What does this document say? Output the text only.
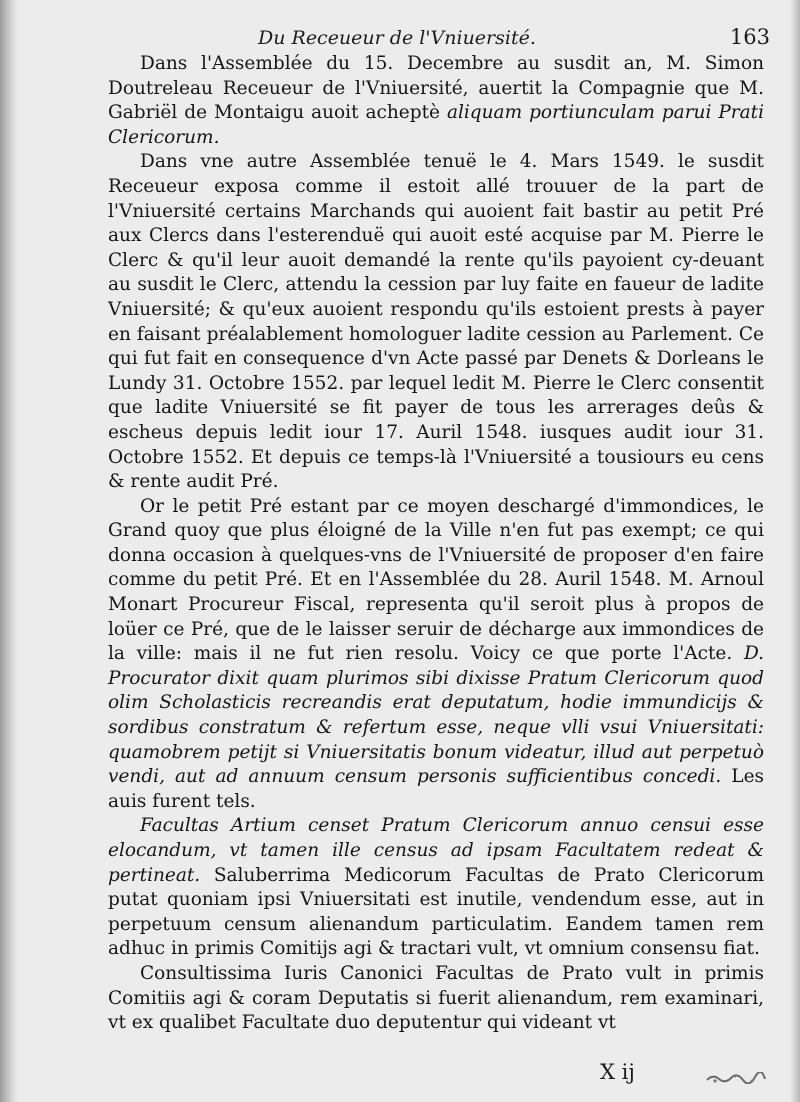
Du Receueur de l'Vniuersité.	163

Dans l'Assemblée du 15. Decembre au susdit an, M. Simon Doutreleau Receueur de l'Vniuersité, auertit la Compagnie que M. Gabriël de Montaigu auoit acheptè aliquam portiunculam parui Prati Clericorum.

Dans vne autre Assemblée tenuë le 4. Mars 1549. le susdit Receueur exposa comme il estoit allé trouuer de la part de l'Vniuersité certains Marchands qui auoient fait bastir au petit Pré aux Clercs dans l'esterenduë qui auoit esté acquise par M. Pierre le Clerc & qu'il leur auoit demandé la rente qu'ils payoient cy-deuant au susdit le Clerc, attendu la cession par luy faite en faueur de ladite Vniuersité; & qu'eux auoient respondu qu'ils estoient prests à payer en faisant préalablement homologuer ladite cession au Parlement. Ce qui fut fait en consequence d'vn Acte passé par Denets & Dorleans le Lundy 31. Octobre 1552. par lequel ledit M. Pierre le Clerc consentit que ladite Vniuersité se fit payer de tous les arrerages deûs & escheus depuis ledit iour 17. Auril 1548. iusques audit iour 31. Octobre 1552. Et depuis ce temps-là l'Vniuersité a tousiours eu cens & rente audit Pré.

Or le petit Pré estant par ce moyen deschargé d'immondices, le Grand quoy que plus éloigné de la Ville n'en fut pas exempt; ce qui donna occasion à quelques-vns de l'Vniuersité de proposer d'en faire comme du petit Pré. Et en l'Assemblée du 28. Auril 1548. M. Arnoul Monart Procureur Fiscal, representa qu'il seroit plus à propos de loüer ce Pré, que de le laisser seruir de décharge aux immondices de la ville: mais il ne fut rien resolu. Voicy ce que porte l'Acte. D. Procurator dixit quam plurimos sibi dixisse Pratum Clericorum quod olim Scholasticis recreandis erat deputatum, hodie immundicijs & sordibus constratum & refertum esse, neque vlli vsui Vniuersitati: quamobrem petijt si Vniuersitatis bonum videatur, illud aut perpetuò vendi, aut ad annuum censum personis sufficientibus concedi. Les auis furent tels.

Facultas Artium censet Pratum Clericorum annuo censui esse elocandum, vt tamen ille census ad ipsam Facultatem redeat & pertineat. Saluberrima Medicorum Facultas de Prato Clericorum putat quoniam ipsi Vniuersitati est inutile, vendendum esse, aut in perpetuum censum alienandum particulatim. Eandem tamen rem adhuc in primis Comitijs agi & tractari vult, vt omnium consensu fiat.

Consultissima Iuris Canonici Facultas de Prato vult in primis Comitiis agi & coram Deputatis si fuerit alienandum, rem examinari, vt ex qualibet Facultate duo deputentur qui videant vt

X ij
